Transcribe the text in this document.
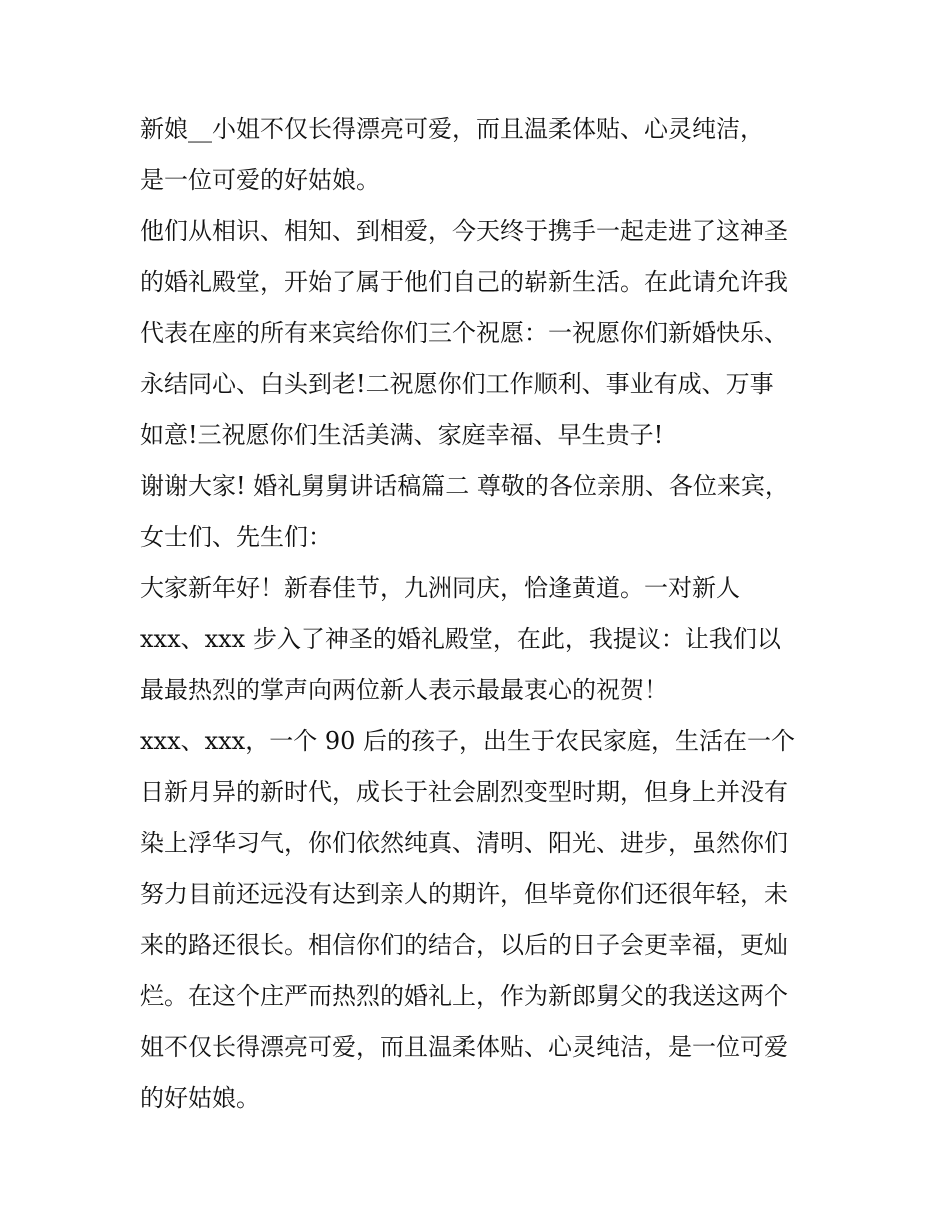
新娘__小姐不仅长得漂亮可爱，而且温柔体贴、心灵纯洁，
是一位可爱的好姑娘。
他们从相识、相知、到相爱，今天终于携手一起走进了这神圣
的婚礼殿堂，开始了属于他们自己的崭新生活。在此请允许我
代表在座的所有来宾给你们三个祝愿：一祝愿你们新婚快乐、
永结同心、白头到老!二祝愿你们工作顺利、事业有成、万事
如意!三祝愿你们生活美满、家庭幸福、早生贵子!
谢谢大家! 婚礼舅舅讲话稿篇二 尊敬的各位亲朋、各位来宾，
女士们、先生们：
大家新年好！新春佳节，九洲同庆，恰逢黄道。一对新人
xxx、xxx 步入了神圣的婚礼殿堂，在此，我提议：让我们以
最最热烈的掌声向两位新人表示最最衷心的祝贺！
xxx、xxx，一个 90 后的孩子，出生于农民家庭，生活在一个
日新月异的新时代，成长于社会剧烈变型时期，但身上并没有
染上浮华习气，你们依然纯真、清明、阳光、进步，虽然你们
努力目前还远没有达到亲人的期许，但毕竟你们还很年轻，未
来的路还很长。相信你们的结合，以后的日子会更幸福，更灿
烂。在这个庄严而热烈的婚礼上，作为新郎舅父的我送这两个
姐不仅长得漂亮可爱，而且温柔体贴、心灵纯洁，是一位可爱
的好姑娘。
